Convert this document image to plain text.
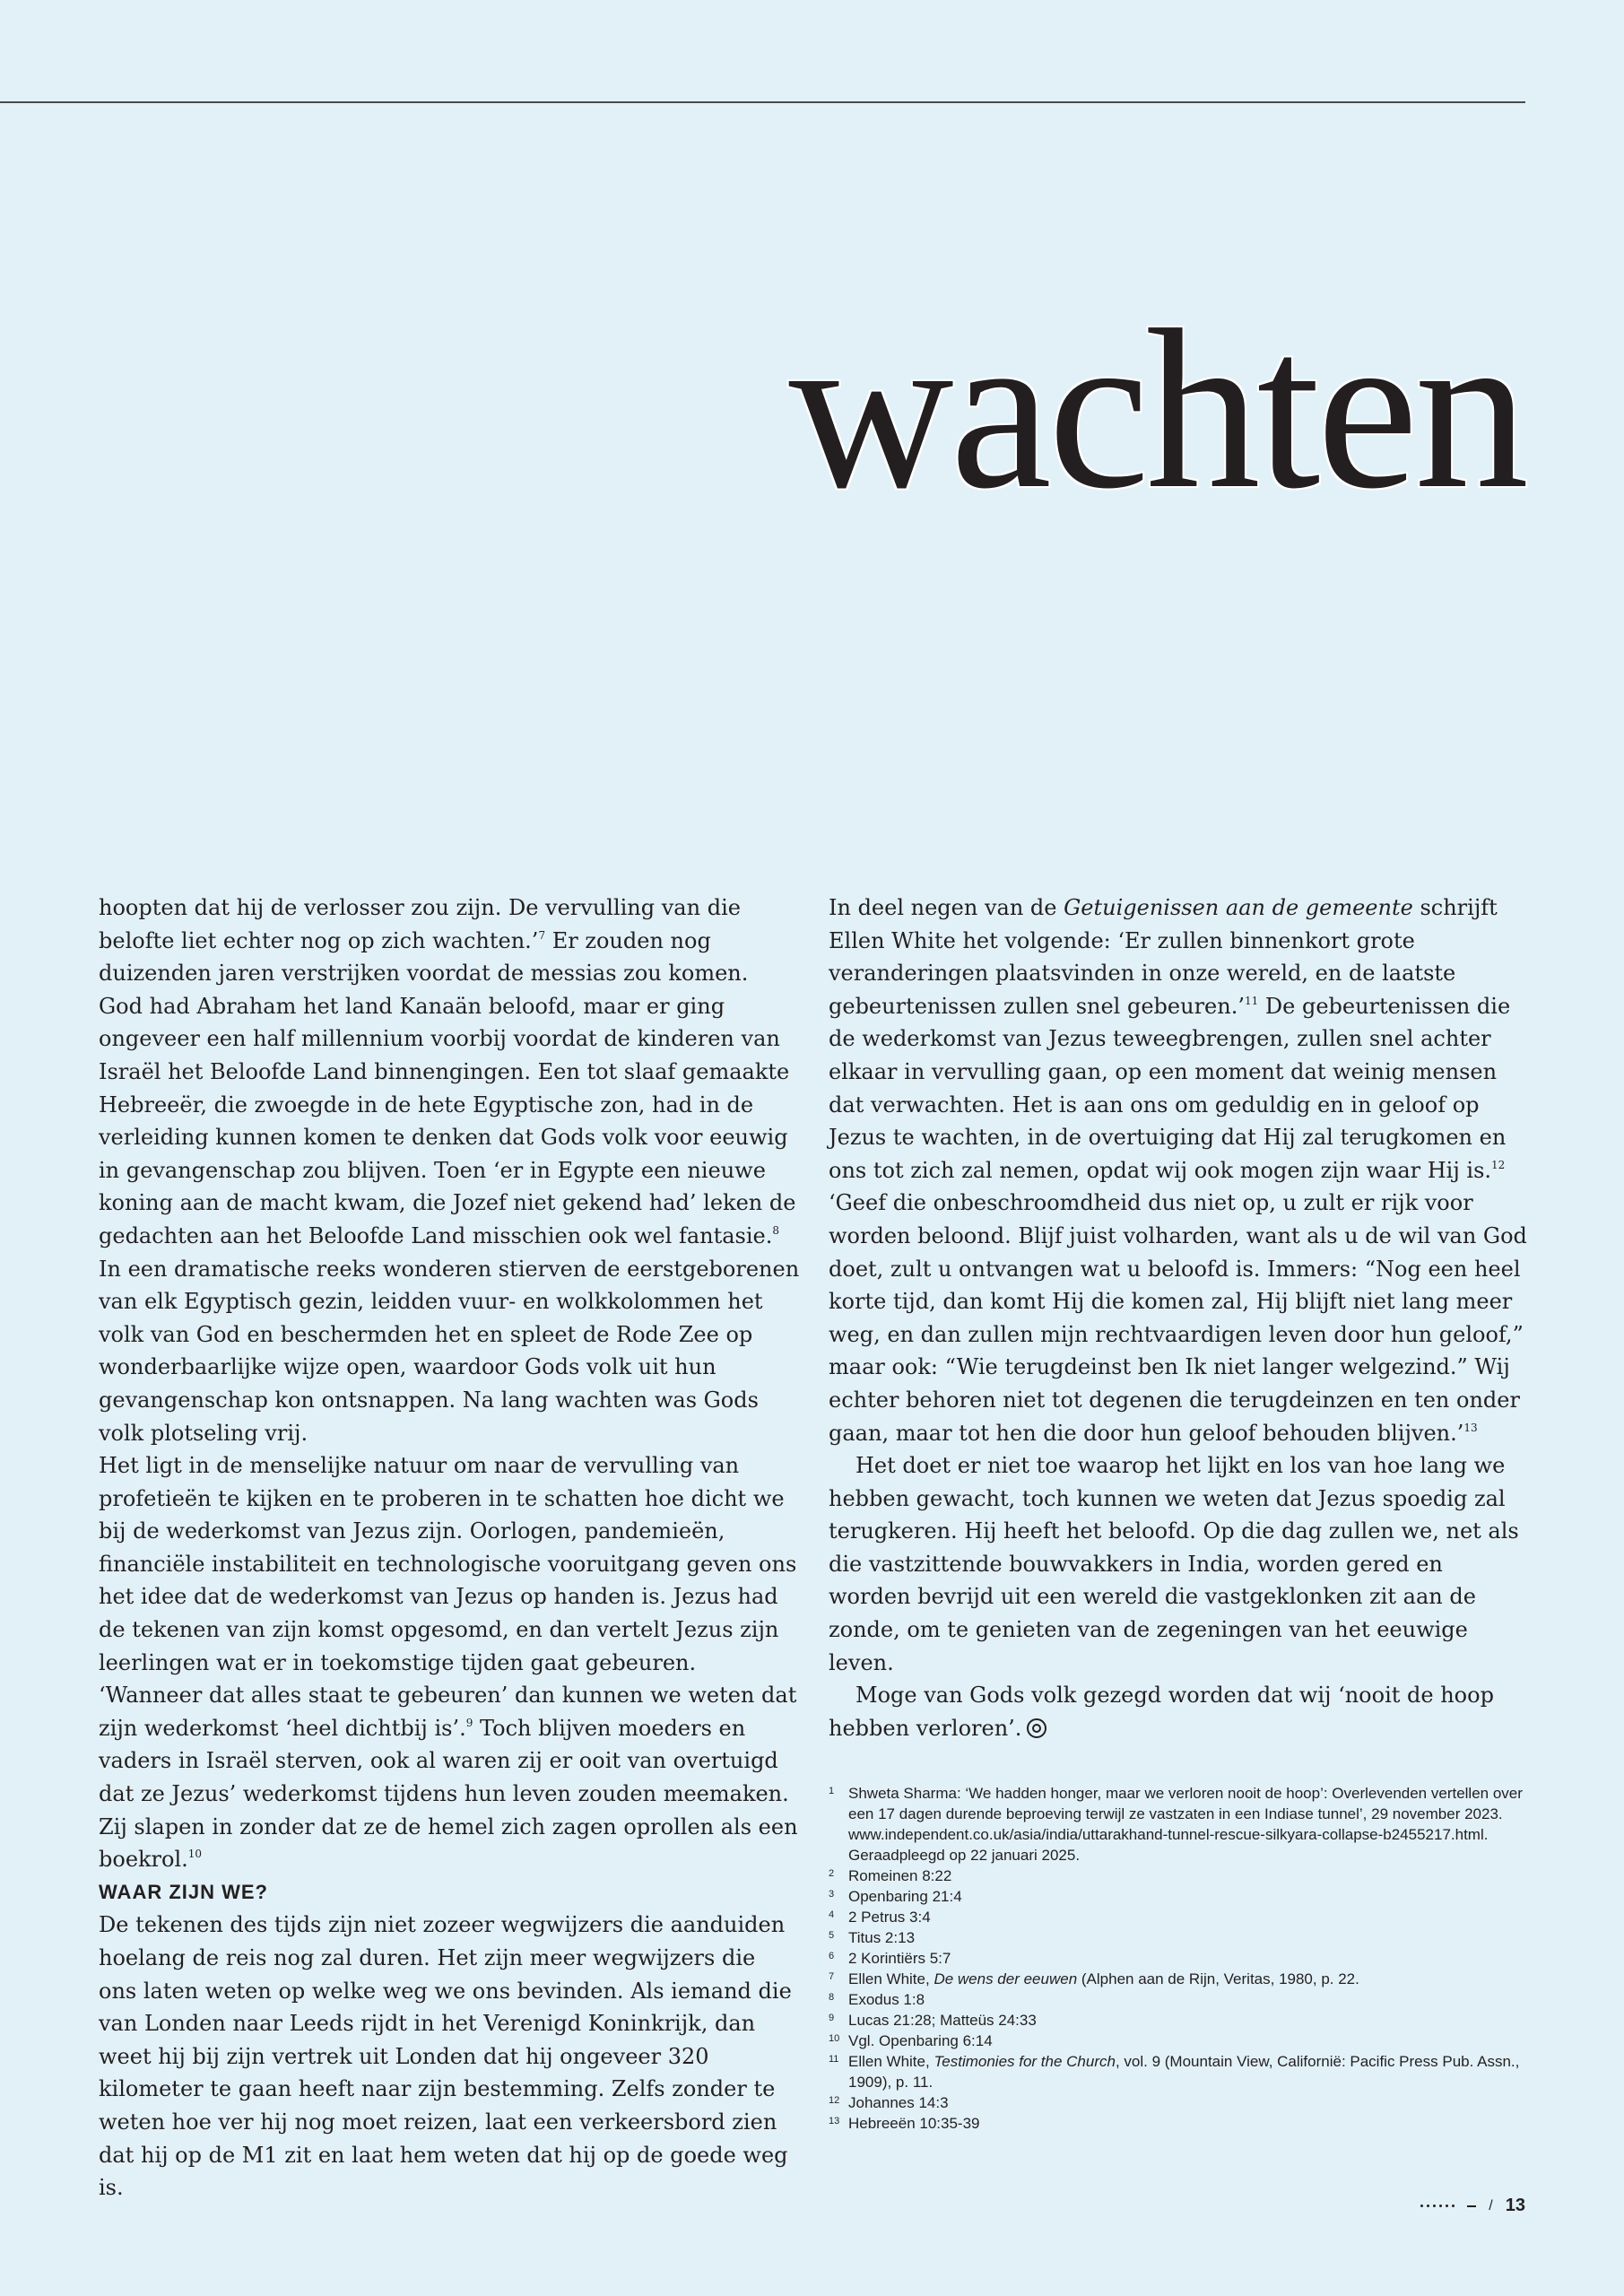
wachten

hoopten dat hij de verlosser zou zijn. De vervulling van die belofte liet echter nog op zich wachten.’$^7$ Er zouden nog duizenden jaren verstrijken voordat de messias zou komen.

God had Abraham het land Kanaän beloofd, maar er ging ongeveer een half millennium voorbij voordat de kinderen van Israël het Beloofde Land binnengingen. Een tot slaaf gemaakte Hebreeër, die zwoegde in de hete Egyptische zon, had in de verleiding kunnen komen te denken dat Gods volk voor eeuwig in gevangenschap zou blijven. Toen ‘er in Egypte een nieuwe koning aan de macht kwam, die Jozef niet gekend had’ leken de gedachten aan het Beloofde Land misschien ook wel fantasie.$^8$ In een dramatische reeks wonderen stierven de eerstgeborenen van elk Egyptisch gezin, leidden vuur- en wolkkolommen het volk van God en beschermden het en spleet de Rode Zee op wonderbaarlijke wijze open, waardoor Gods volk uit hun gevangenschap kon ontsnappen. Na lang wachten was Gods volk plotseling vrij.

Het ligt in de menselijke natuur om naar de vervulling van profetieën te kijken en te proberen in te schatten hoe dicht we bij de wederkomst van Jezus zijn. Oorlogen, pandemieën, financiële instabiliteit en technologische vooruitgang geven ons het idee dat de wederkomst van Jezus op handen is. Jezus had de tekenen van zijn komst opgesomd, en dan vertelt Jezus zijn leerlingen wat er in toekomstige tijden gaat gebeuren. ‘Wanneer dat alles staat te gebeuren’ dan kunnen we weten dat zijn wederkomst ‘heel dichtbij is’.$^9$ Toch blijven moeders en vaders in Israël sterven, ook al waren zij er ooit van overtuigd dat ze Jezus’ wederkomst tijdens hun leven zouden meemaken. Zij slapen in zonder dat ze de hemel zich zagen oprollen als een boekrol.$^{10}$

WAAR ZIJN WE?

De tekenen des tijds zijn niet zozeer wegwijzers die aanduiden hoelang de reis nog zal duren. Het zijn meer wegwijzers die ons laten weten op welke weg we ons bevinden. Als iemand die van Londen naar Leeds rijdt in het Verenigd Koninkrijk, dan weet hij bij zijn vertrek uit Londen dat hij ongeveer 320 kilometer te gaan heeft naar zijn bestemming. Zelfs zonder te weten hoe ver hij nog moet reizen, laat een verkeersbord zien dat hij op de M1 zit en laat hem weten dat hij op de goede weg is.

In deel negen van de Getuigenissen aan de gemeente schrijft Ellen White het volgende: ‘Er zullen binnenkort grote veranderingen plaatsvinden in onze wereld, en de laatste gebeurtenissen zullen snel gebeuren.’$^{11}$ De gebeurtenissen die de wederkomst van Jezus teweegbrengen, zullen snel achter elkaar in vervulling gaan, op een moment dat weinig mensen dat verwachten. Het is aan ons om geduldig en in geloof op Jezus te wachten, in de overtuiging dat Hij zal terugkomen en ons tot zich zal nemen, opdat wij ook mogen zijn waar Hij is.$^{12}$

‘Geef die onbeschroomdheid dus niet op, u zult er rijk voor worden beloond. Blijf juist volharden, want als u de wil van God doet, zult u ontvangen wat u beloofd is. Immers: “Nog een heel korte tijd, dan komt Hij die komen zal, Hij blijft niet lang meer weg, en dan zullen mijn rechtvaardigen leven door hun geloof,” maar ook: “Wie terugdeinst ben Ik niet langer welgezind.” Wij echter behoren niet tot degenen die terugdeinzen en ten onder gaan, maar tot hen die door hun geloof behouden blijven.’$^{13}$

Het doet er niet toe waarop het lijkt en los van hoe lang we hebben gewacht, toch kunnen we weten dat Jezus spoedig zal terugkeren. Hij heeft het beloofd. Op die dag zullen we, net als die vastzittende bouwvakkers in India, worden gered en worden bevrijd uit een wereld die vastgeklonken zit aan de zonde, om te genieten van de zegeningen van het eeuwige leven.

Moge van Gods volk gezegd worden dat wij ‘nooit de hoop hebben verloren’.

1 Shweta Sharma: ‘We hadden honger, maar we verloren nooit de hoop’: Overlevenden vertellen over een 17 dagen durende beproeving terwijl ze vastzaten in een Indiase tunnel’, 29 november 2023. www.independent.co.uk/asia/india/uttarakhand-tunnel-rescue-silkyara-collapse-b2455217.html. Geraadpleegd op 22 januari 2025.
2 Romeinen 8:22
3 Openbaring 21:4
4 2 Petrus 3:4
5 Titus 2:13
6 2 Korintiërs 5:7
7 Ellen White, De wens der eeuwen (Alphen aan de Rijn, Veritas, 1980, p. 22.
8 Exodus 1:8
9 Lucas 21:28; Matteüs 24:33
10 Vgl. Openbaring 6:14
11 Ellen White, Testimonies for the Church, vol. 9 (Mountain View, Californië: Pacific Press Pub. Assn., 1909), p. 11.
12 Johannes 14:3
13 Hebreeën 10:35-39
/ 13
